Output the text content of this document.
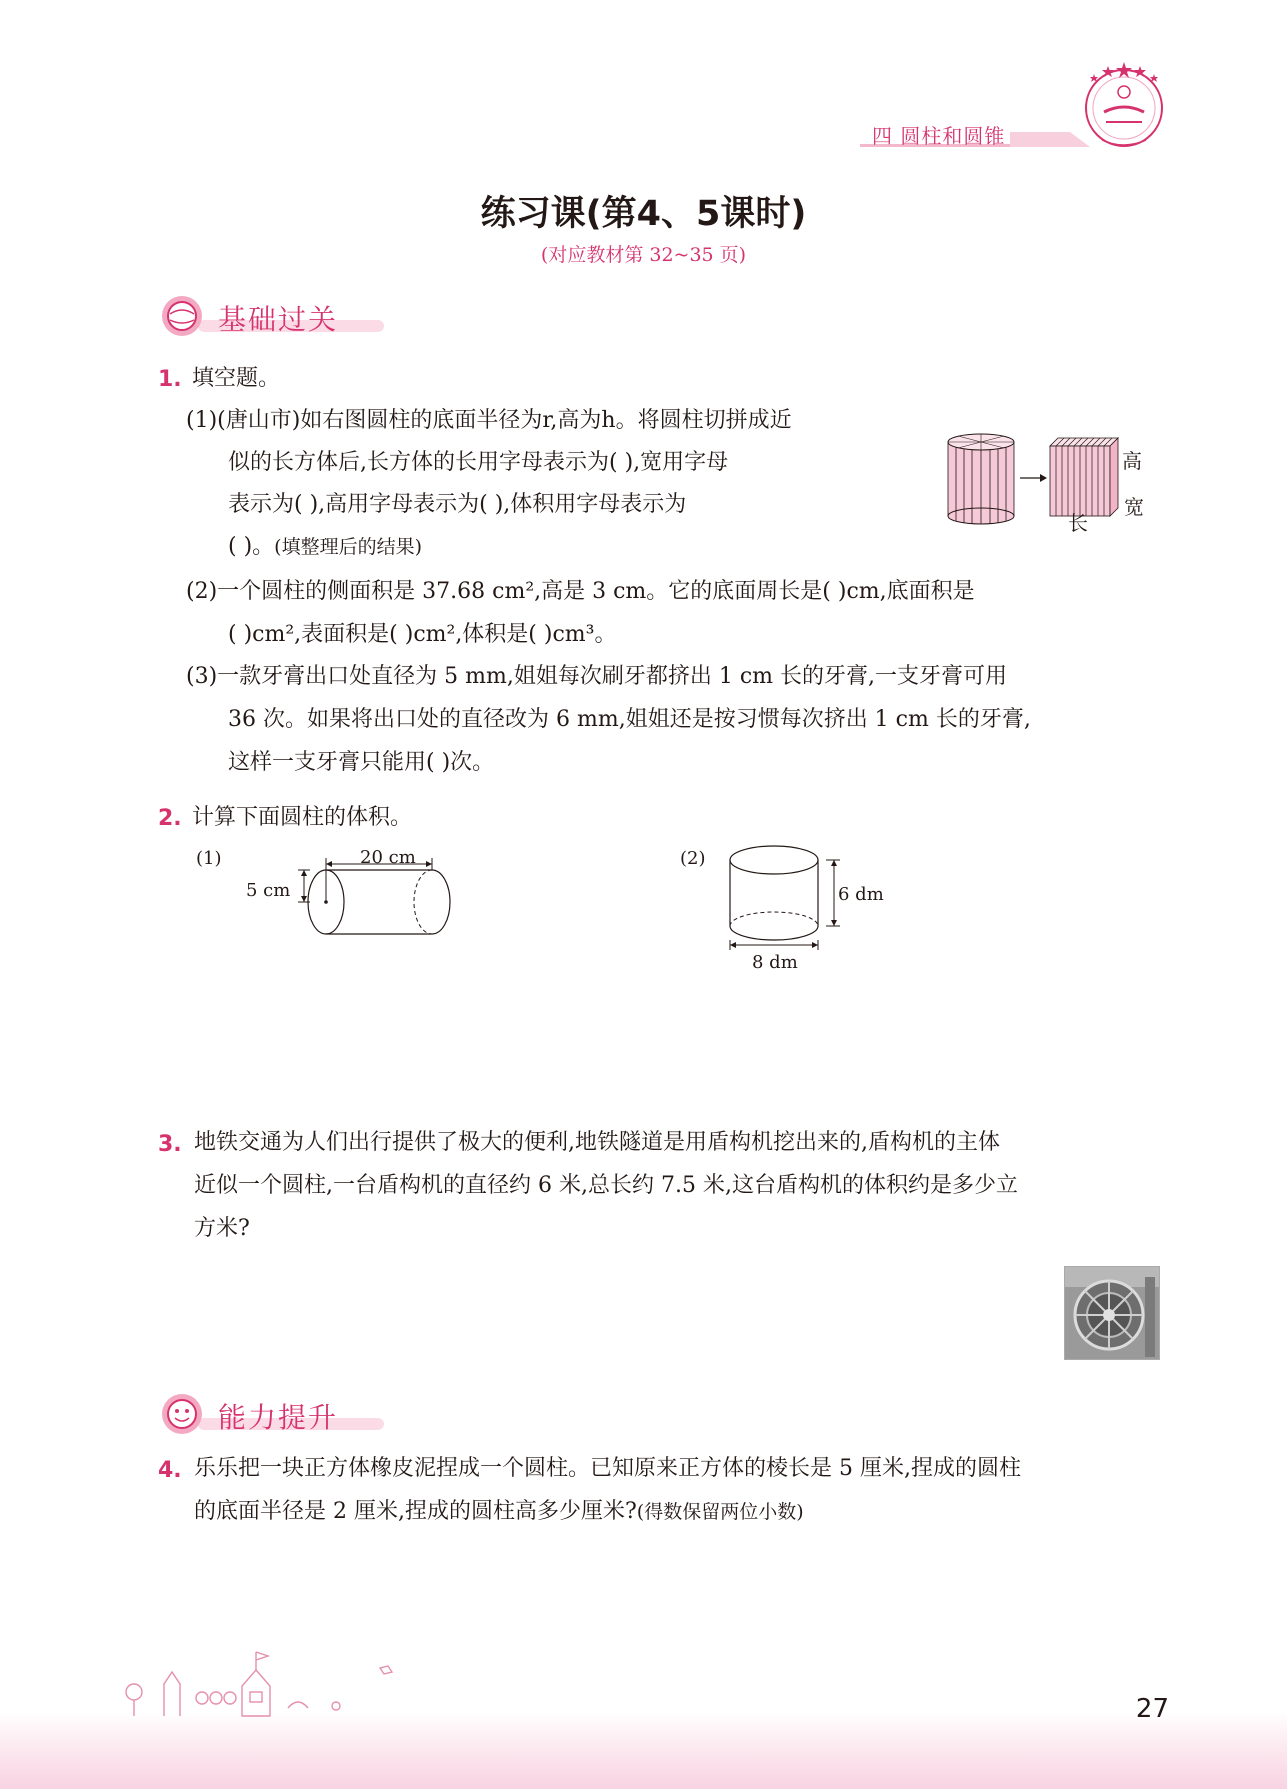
四 圆柱和圆锥
练习课(第4、5课时)
(对应教材第 32~35 页)
基础过关
1. 填空题。
(1)(唐山市)如右图圆柱的底面半径为r,高为h。将圆柱切拼成近
似的长方体后,长方体的长用字母表示为( ),宽用字母
表示为( ),高用字母表示为( ),体积用字母表示为
( )。(填整理后的结果)
高
宽
长
(2)一个圆柱的侧面积是 37.68 cm²,高是 3 cm。它的底面周长是( )cm,底面积是
( )cm²,表面积是( )cm²,体积是( )cm³。
(3)一款牙膏出口处直径为 5 mm,姐姐每次刷牙都挤出 1 cm 长的牙膏,一支牙膏可用
36 次。如果将出口处的直径改为 6 mm,姐姐还是按习惯每次挤出 1 cm 长的牙膏,
这样一支牙膏只能用( )次。
2. 计算下面圆柱的体积。
(1)	20 cm
5 cm
(2)
6 dm
8 dm
3. 地铁交通为人们出行提供了极大的便利,地铁隧道是用盾构机挖出来的,盾构机的主体
近似一个圆柱,一台盾构机的直径约 6 米,总长约 7.5 米,这台盾构机的体积约是多少立
方米?
能力提升
4. 乐乐把一块正方体橡皮泥捏成一个圆柱。已知原来正方体的棱长是 5 厘米,捏成的圆柱
的底面半径是 2 厘米,捏成的圆柱高多少厘米?(得数保留两位小数)
27
